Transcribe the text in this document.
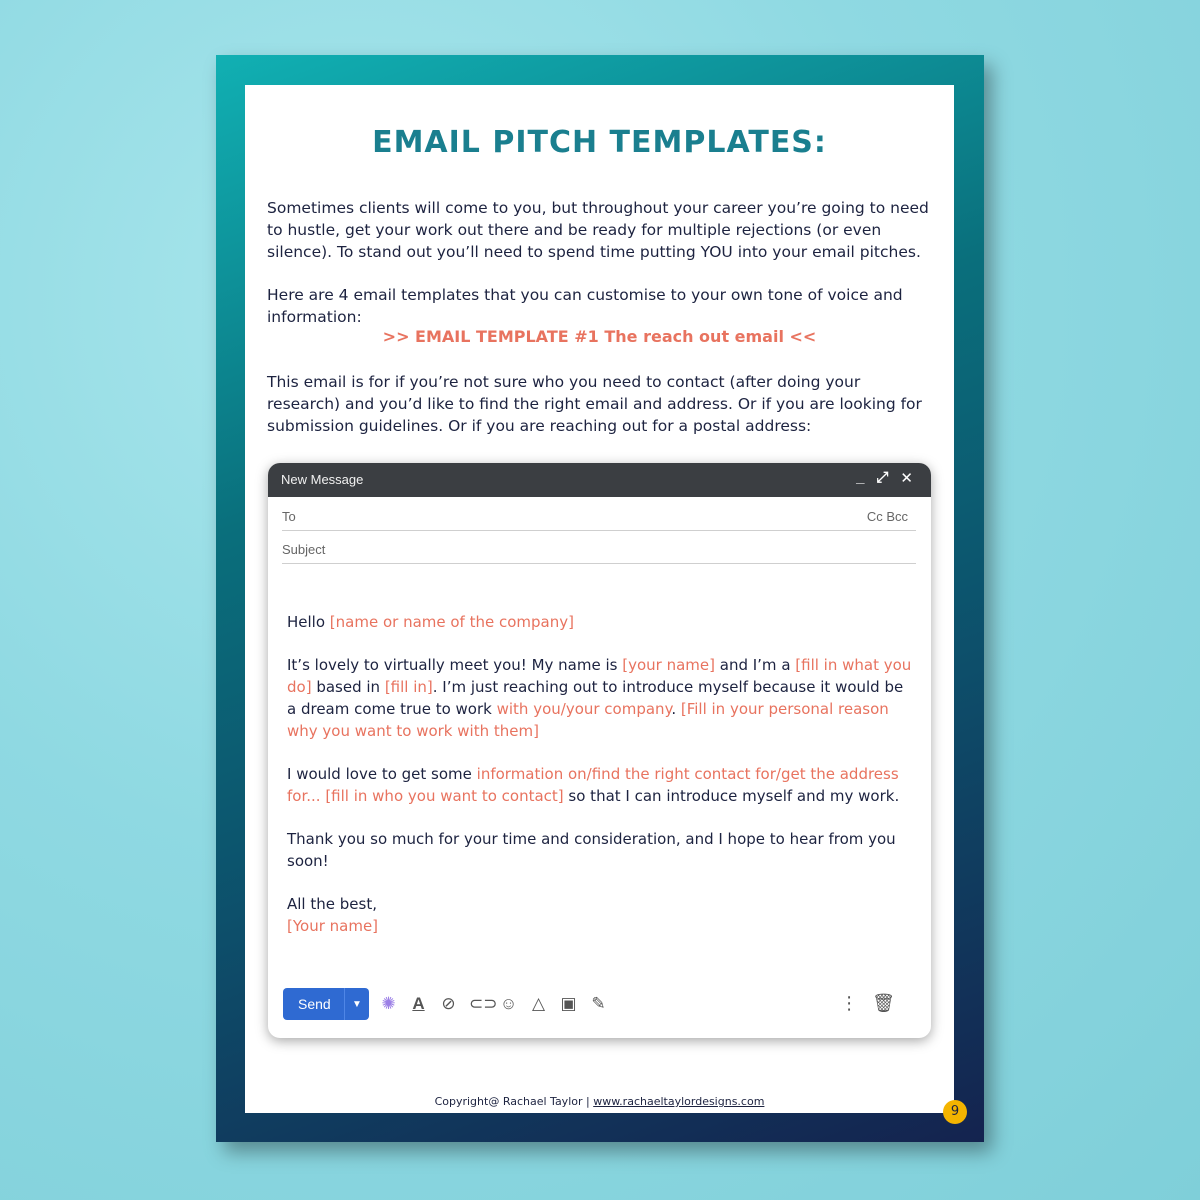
EMAIL PITCH TEMPLATES:

Sometimes clients will come to you, but throughout your career you’re going to need to hustle, get your work out there and be ready for multiple rejections (or even silence). To stand out you’ll need to spend time putting YOU into your email pitches.

Here are 4 email templates that you can customise to your own tone of voice and information:

>> EMAIL TEMPLATE #1 The reach out email <<

This email is for if you’re not sure who you need to contact (after doing your research) and you’d like to find the right email and address. Or if you are looking for submission guidelines. Or if you are reaching out for a postal address:

Copyright@ Rachael Taylor | www.rachaeltaylordesigns.com
New Message	_ ⤢ ✕
To	Cc Bcc
Subject

Hello [name or name of the company]

It’s lovely to virtually meet you! My name is [your name] and I’m a [fill in what you do] based in [fill in]. I’m just reaching out to introduce myself because it would be a dream come true to work with you/your company. [Fill in your personal reason why you want to work with them]

I would love to get some information on/find the right contact for/get the address for... [fill in who you want to contact] so that I can introduce myself and my work.

Thank you so much for your time and consideration, and I hope to hear from you soon!

All the best,
[Your name]

Send	▼	✺ A ⊘ ⊂⊃ ☺ △ ▣ ✎	⋮ 🗑
9
